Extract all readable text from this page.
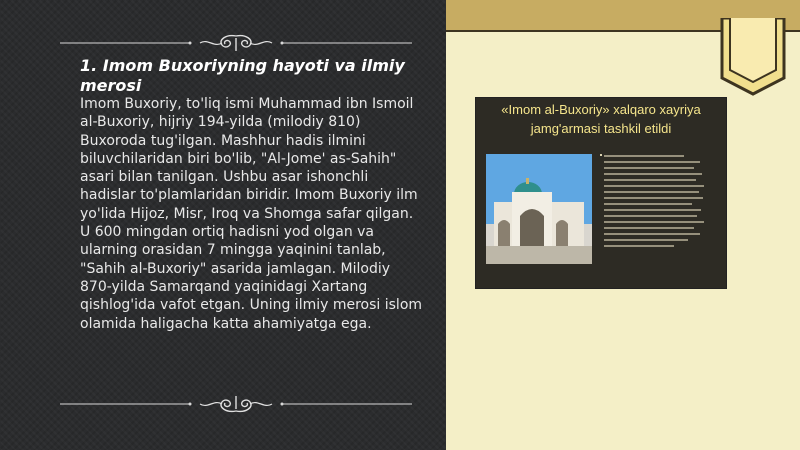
1. Imom Buxoriyning hayoti va ilmiy merosi
Imom Buxoriy, to'liq ismi Muhammad ibn Ismoil al-Buxoriy, hijriy 194-yilda (milodiy 810) Buxoroda tug'ilgan. Mashhur hadis ilmini biluvchilaridan biri bo'lib, "Al-Jome' as-Sahih" asari bilan tanilgan. Ushbu asar ishonchli hadislar to'plamlaridan biridir. Imom Buxoriy ilm yo'lida Hijoz, Misr, Iroq va Shomga safar qilgan. U 600 mingdan ortiq hadisni yod olgan va ularning orasidan 7 mingga yaqinini tanlab, "Sahih al-Buxoriy" asarida jamlagan. Milodiy 870-yilda Samarqand yaqinidagi Xartang qishlog'ida vafot etgan. Uning ilmiy merosi islom olamida haligacha katta ahamiyatga ega.
«Imom al-Buxoriy» xalqaro xayriya jamg'armasi tashkil etildi
